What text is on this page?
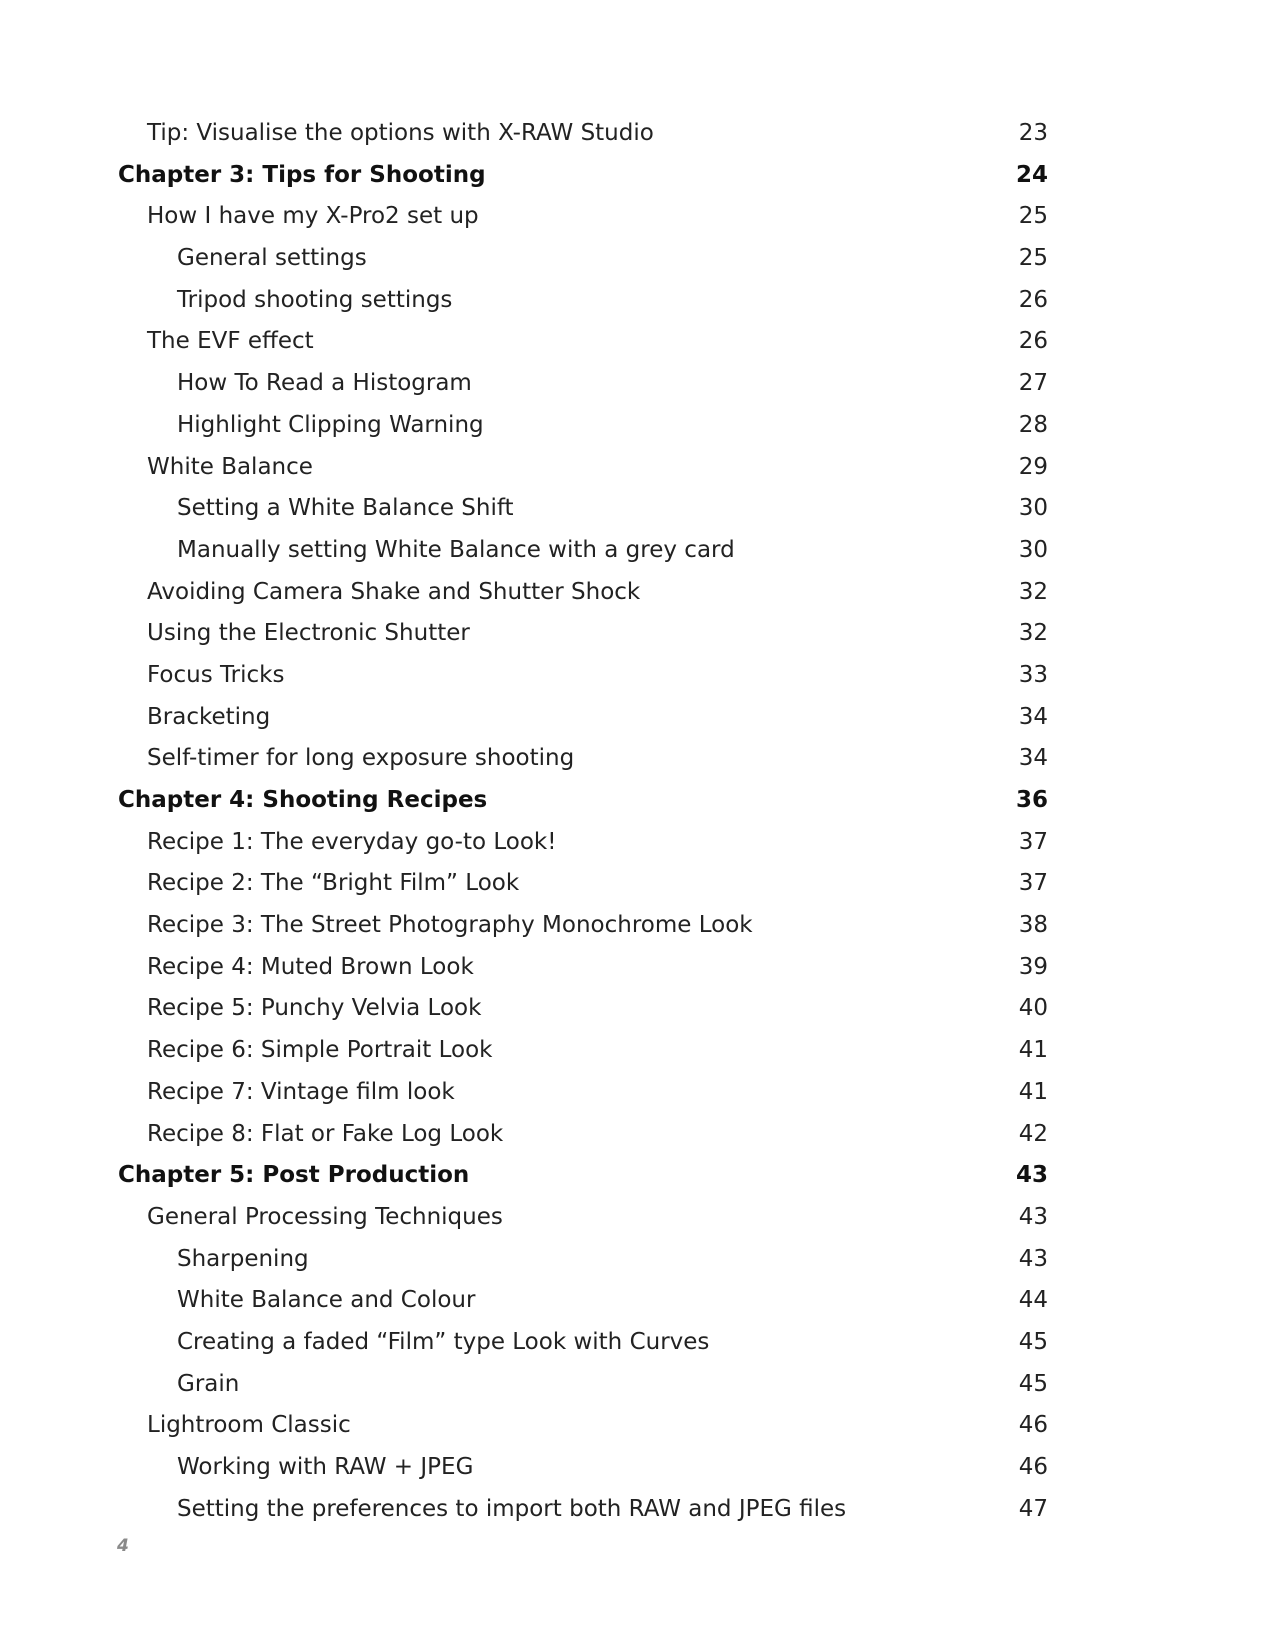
Tip: Visualise the options with X-RAW Studio	23
Chapter 3: Tips for Shooting	24
How I have my X-Pro2 set up	25
General settings	25
Tripod shooting settings	26
The EVF effect	26
How To Read a Histogram	27
Highlight Clipping Warning	28
White Balance	29
Setting a White Balance Shift	30
Manually setting White Balance with a grey card	30
Avoiding Camera Shake and Shutter Shock	32
Using the Electronic Shutter	32
Focus Tricks	33
Bracketing	34
Self-timer for long exposure shooting	34
Chapter 4: Shooting Recipes	36
Recipe 1: The everyday go-to Look!	37
Recipe 2: The “Bright Film” Look	37
Recipe 3: The Street Photography Monochrome Look	38
Recipe 4: Muted Brown Look	39
Recipe 5: Punchy Velvia Look	40
Recipe 6: Simple Portrait Look	41
Recipe 7: Vintage film look	41
Recipe 8: Flat or Fake Log Look	42
Chapter 5: Post Production	43
General Processing Techniques	43
Sharpening	43
White Balance and Colour	44
Creating a faded “Film” type Look with Curves	45
Grain	45
Lightroom Classic	46
Working with RAW + JPEG	46
Setting the preferences to import both RAW and JPEG files	47
4
